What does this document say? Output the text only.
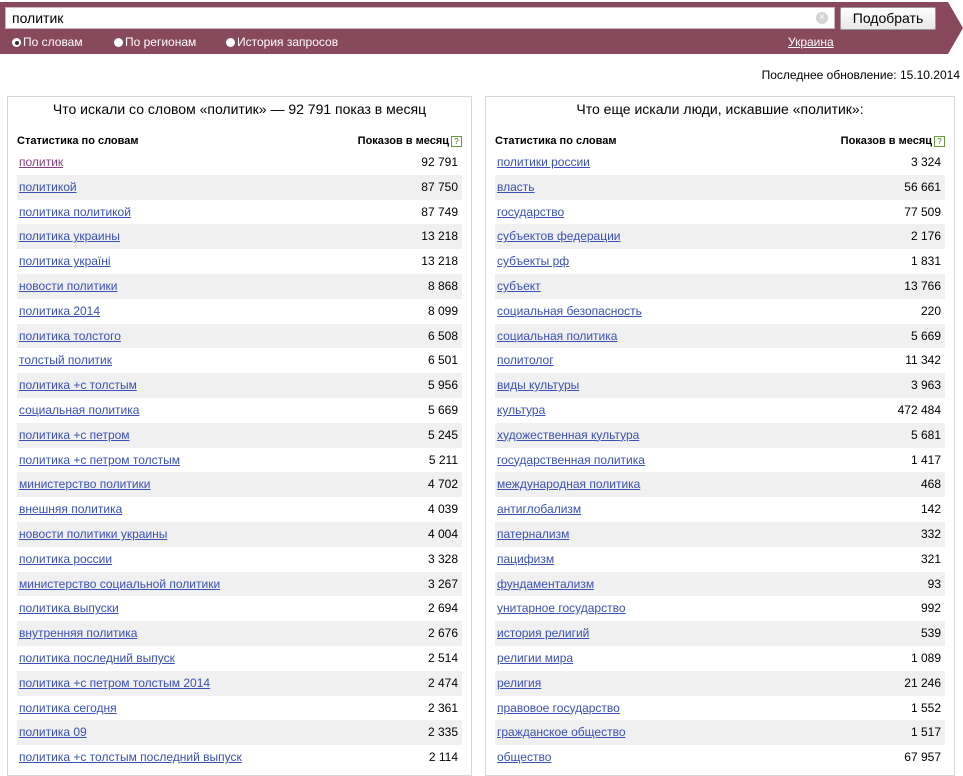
политик
×	Подобрать
По словам	По регионам	История запросов	Украина
Последнее обновление: 15.10.2014
Что искали со словом «политик» — 92 791 показ в месяц
Статистика по словам	Показов в месяц ?
политик	92 791
политикой	87 750
политика политикой	87 749
политика украины	13 218
политика україні	13 218
новости политики	8 868
политика 2014	8 099
политика толстого	6 508
толстый политик	6 501
политика +с толстым	5 956
социальная политика	5 669
политика +с петром	5 245
политика +с петром толстым	5 211
министерство политики	4 702
внешняя политика	4 039
новости политики украины	4 004
политика россии	3 328
министерство социальной политики	3 267
политика выпуски	2 694
внутренняя политика	2 676
политика последний выпуск	2 514
политика +с петром толстым 2014	2 474
политика сегодня	2 361
политика 09	2 335
политика +с толстым последний выпуск	2 114
Что еще искали люди, искавшие «политик»:
Статистика по словам	Показов в месяц ?
политики россии	3 324
власть	56 661
государство	77 509
субъектов федерации	2 176
субъекты рф	1 831
субъект	13 766
социальная безопасность	220
социальная политика	5 669
политолог	11 342
виды культуры	3 963
культура	472 484
художественная культура	5 681
государственная политика	1 417
международная политика	468
антиглобализм	142
патернализм	332
пацифизм	321
фундаментализм	93
унитарное государство	992
история религий	539
религии мира	1 089
религия	21 246
правовое государство	1 552
гражданское общество	1 517
общество	67 957
